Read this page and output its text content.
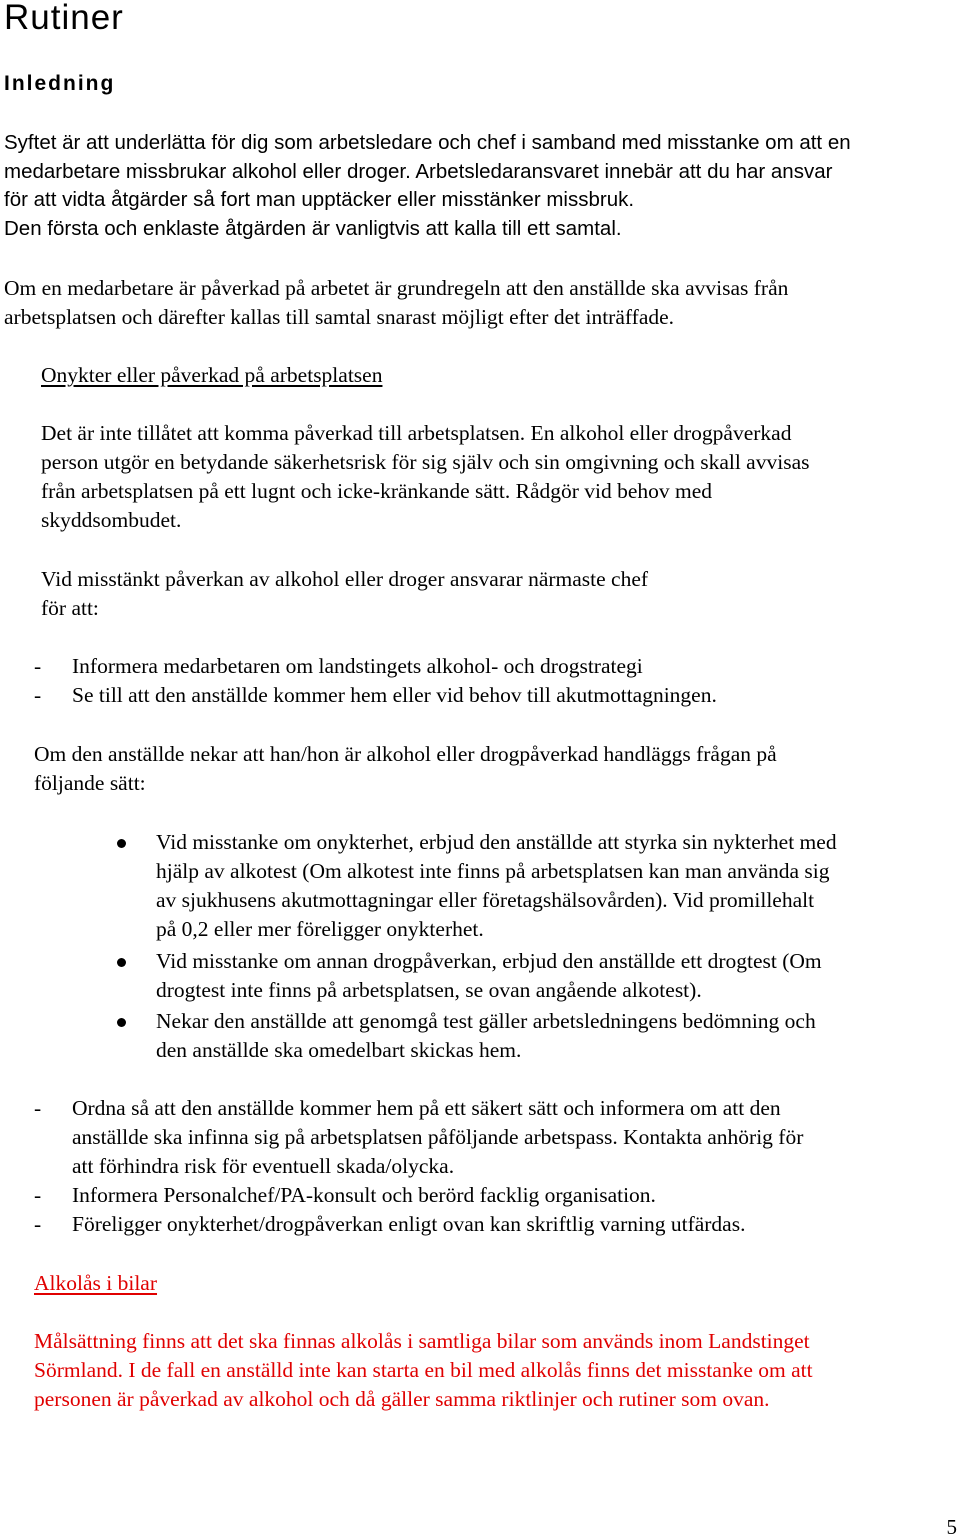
Rutiner
Inledning

Syftet är att underlätta för dig som arbetsledare och chef i samband med misstanke om att en

medarbetare missbrukar alkohol eller droger. Arbetsledaransvaret innebär att du har ansvar

för att vidta åtgärder så fort man upptäcker eller misstänker missbruk.

Den första och enklaste åtgärden är vanligtvis att kalla till ett samtal.

Om en medarbetare är påverkad på arbetet är grundregeln att den anställde ska avvisas från

arbetsplatsen och därefter kallas till samtal snarast möjligt efter det inträffade.

Onykter eller påverkad på arbetsplatsen

Det är inte tillåtet att komma påverkad till arbetsplatsen. En alkohol eller drogpåverkad

person utgör en betydande säkerhetsrisk för sig själv och sin omgivning och skall avvisas

från arbetsplatsen på ett lugnt och icke-kränkande sätt. Rådgör vid behov med

skyddsombudet.

Vid misstänkt påverkan av alkohol eller droger ansvarar närmaste chef

för att:

- Informera medarbetaren om landstingets alkohol- och drogstrategi

- Se till att den anställde kommer hem eller vid behov till akutmottagningen.

Om den anställde nekar att han/hon är alkohol eller drogpåverkad handläggs frågan på

följande sätt:

Vid misstanke om onykterhet, erbjud den anställde att styrka sin nykterhet med

hjälp av alkotest (Om alkotest inte finns på arbetsplatsen kan man använda sig

av sjukhusens akutmottagningar eller företagshälsovården). Vid promillehalt

på 0,2 eller mer föreligger onykterhet.

Vid misstanke om annan drogpåverkan, erbjud den anställde ett drogtest (Om

drogtest inte finns på arbetsplatsen, se ovan angående alkotest).

Nekar den anställde att genomgå test gäller arbetsledningens bedömning och

den anställde ska omedelbart skickas hem.

- Ordna så att den anställde kommer hem på ett säkert sätt och informera om att den

anställde ska infinna sig på arbetsplatsen påföljande arbetspass. Kontakta anhörig för

att förhindra risk för eventuell skada/olycka.

- Informera Personalchef/PA-konsult och berörd facklig organisation.

- Föreligger onykterhet/drogpåverkan enligt ovan kan skriftlig varning utfärdas.

Alkolås i bilar

Målsättning finns att det ska finnas alkolås i samtliga bilar som används inom Landstinget

Sörmland. I de fall en anställd inte kan starta en bil med alkolås finns det misstanke om att

personen är påverkad av alkohol och då gäller samma riktlinjer och rutiner som ovan.

5
